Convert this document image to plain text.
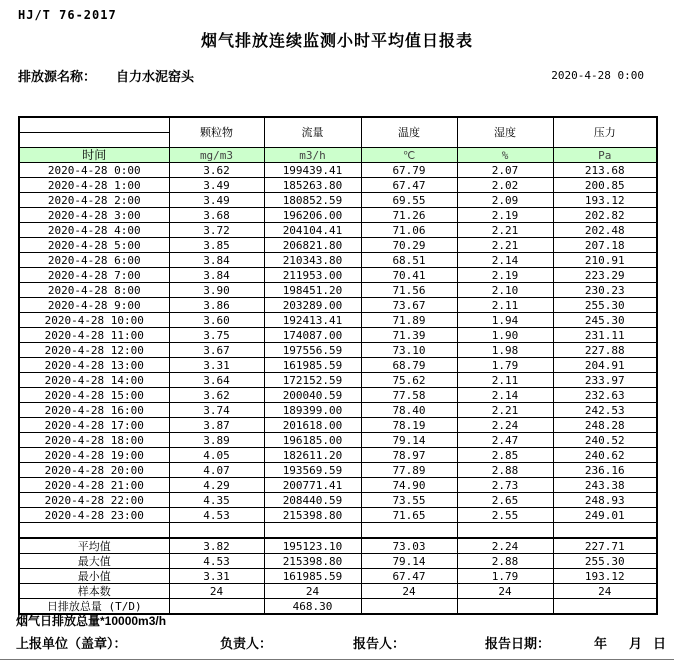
HJ/T 76-2017
烟气排放连续监测小时平均值日报表
排放源名称： 自力水泥窑头	2020-4-28 0:00
	颗粒物	流量	温度	湿度	压力

时间	mg/m3	m3/h	℃	%	Pa
2020-4-28 0:00	3.62	199439.41	67.79	2.07	213.68
2020-4-28 1:00	3.49	185263.80	67.47	2.02	200.85
2020-4-28 2:00	3.49	180852.59	69.55	2.09	193.12
2020-4-28 3:00	3.68	196206.00	71.26	2.19	202.82
2020-4-28 4:00	3.72	204104.41	71.06	2.21	202.48
2020-4-28 5:00	3.85	206821.80	70.29	2.21	207.18
2020-4-28 6:00	3.84	210343.80	68.51	2.14	210.91
2020-4-28 7:00	3.84	211953.00	70.41	2.19	223.29
2020-4-28 8:00	3.90	198451.20	71.56	2.10	230.23
2020-4-28 9:00	3.86	203289.00	73.67	2.11	255.30
2020-4-28 10:00	3.60	192413.41	71.89	1.94	245.30
2020-4-28 11:00	3.75	174087.00	71.39	1.90	231.11
2020-4-28 12:00	3.67	197556.59	73.10	1.98	227.88
2020-4-28 13:00	3.31	161985.59	68.79	1.79	204.91
2020-4-28 14:00	3.64	172152.59	75.62	2.11	233.97
2020-4-28 15:00	3.62	200040.59	77.58	2.14	232.63
2020-4-28 16:00	3.74	189399.00	78.40	2.21	242.53
2020-4-28 17:00	3.87	201618.00	78.19	2.24	248.28
2020-4-28 18:00	3.89	196185.00	79.14	2.47	240.52
2020-4-28 19:00	4.05	182611.20	78.97	2.85	240.62
2020-4-28 20:00	4.07	193569.59	77.89	2.88	236.16
2020-4-28 21:00	4.29	200771.41	74.90	2.73	243.38
2020-4-28 22:00	4.35	208440.59	73.55	2.65	248.93
2020-4-28 23:00	4.53	215398.80	71.65	2.55	249.01

平均值	3.82	195123.10	73.03	2.24	227.71
最大值	4.53	215398.80	79.14	2.88	255.30
最小值	3.31	161985.59	67.47	1.79	193.12
样本数	24	24	24	24	24
日排放总量 (T/D)		468.30			
烟气日排放总量*10000m3/h
上报单位（盖章）：	负责人：	报告人：	报告日期：	年 月 日
